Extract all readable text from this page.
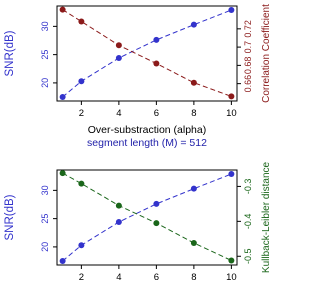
2	4	6	8	10
Over-substraction (alpha)
segment length (M) = 512
20
25
30
SNR(dB)
0.66
0.68
0.7
0.72 Correlation Coefficient
2	4	6	8	10
20
25
30
SNR(dB)
-0.5
-0.4
-0.3 Kullback-Leibler distance
